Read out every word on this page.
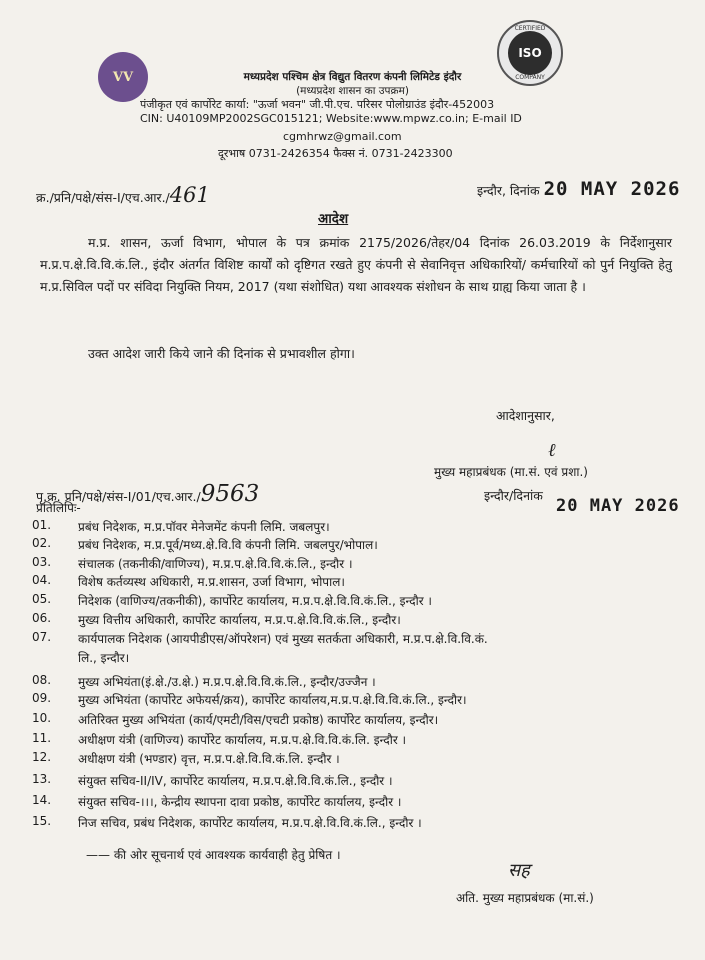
VV
CERTIFIED
ISO
COMPANY
मध्यप्रदेश पश्चिम क्षेत्र विद्युत वितरण कंपनी लिमिटेड इंदौर
(मध्यप्रदेश शासन का उपक्रम)
पंजीकृत एवं कार्पोरेट कार्या: "ऊर्जा भवन" जी.पी.एच. परिसर पोलोग्राउंड इंदौर-452003
CIN: U40109MP2002SGC015121; Website:www.mpwz.co.in; E-mail ID
cgmhrwz@gmail.com
दूरभाष 0731-2426354 फैक्स नं. 0731-2423300
क्र./प्रनि/पक्षे/संस-I/एच.आर./461	इन्दौर, दिनांक 20 MAY 2026
आदेश
म.प्र. शासन, ऊर्जा विभाग, भोपाल के पत्र क्रमांक 2175/2026/तेहर/04 दिनांक 26.03.2019 के निर्देशानुसार म.प्र.प.क्षे.वि.वि.कं.लि., इंदौर अंतर्गत विशिष्ट कार्यों को दृष्टिगत रखते हुए कंपनी से सेवानिवृत्त अधिकारियों/ कर्मचारियों को पुर्न नियुक्ति हेतु म.प्र.सिविल पदों पर संविदा नियुक्ति नियम, 2017 (यथा संशोधित) यथा आवश्यक संशोधन के साथ ग्राह्य किया जाता है ।
उक्त आदेश जारी किये जाने की दिनांक से प्रभावशील होगा।
आदेशानुसार,
ℓ
मुख्य महाप्रबंधक (मा.सं. एवं प्रशा.)
पृ.क्र. प्रनि/पक्षे/संस-I/01/एच.आर./9563	इन्दौर/दिनांक
20 MAY 2026
प्रतिलिपिः-
01. प्रबंध निदेशक, म.प्र.पॉवर मेनेजमेंट कंपनी लिमि. जबलपुर।
02. प्रबंध निदेशक, म.प्र.पूर्व/मध्य.क्षे.वि.वि कंपनी लिमि. जबलपुर/भोपाल।
03. संचालक (तकनीकी/वाणिज्य), म.प्र.प.क्षे.वि.वि.कं.लि., इन्दौर ।
04. विशेष कर्तव्यस्थ अधिकारी, म.प्र.शासन, उर्जा विभाग, भोपाल।
05. निदेशक (वाणिज्य/तकनीकी), कार्पोरेट कार्यालय, म.प्र.प.क्षे.वि.वि.कं.लि., इन्दौर ।
06. मुख्य वित्तीय अधिकारी, कार्पोरेट कार्यालय, म.प्र.प.क्षे.वि.वि.कं.लि., इन्दौर।
07. कार्यपालक निदेशक (आयपीडीएस/ऑपरेशन) एवं मुख्य सतर्कता अधिकारी, म.प्र.प.क्षे.वि.वि.कं.
लि., इन्दौर।
08. मुख्य अभियंता(इं.क्षे./उ.क्षे.) म.प्र.प.क्षे.वि.वि.कं.लि., इन्दौर/उज्जैन ।
09. मुख्य अभियंता (कार्पोरेट अफेयर्स/क्रय), कार्पोरेट कार्यालय,म.प्र.प.क्षे.वि.वि.कं.लि., इन्दौर।
10. अतिरिक्त मुख्य अभियंता (कार्य/एमटी/विस/एचटी प्रकोष्ठ) कार्पोरेट कार्यालय, इन्दौर।
11. अधीक्षण यंत्री (वाणिज्य) कार्पोरेट कार्यालय, म.प्र.प.क्षे.वि.वि.कं.लि. इन्दौर ।
12. अधीक्षण यंत्री (भण्डार) वृत्त, म.प्र.प.क्षे.वि.वि.कं.लि. इन्दौर ।
13. संयुक्त सचिव-II/IV, कार्पोरेट कार्यालय, म.प्र.प.क्षे.वि.वि.कं.लि., इन्दौर ।
14. संयुक्त सचिव-।।।, केन्द्रीय स्थापना दावा प्रकोष्ठ, कार्पोरेट कार्यालय, इन्दौर ।
15. निज सचिव, प्रबंध निदेशक, कार्पोरेट कार्यालय, म.प्र.प.क्षे.वि.वि.कं.लि., इन्दौर ।
—— की ओर सूचनार्थ एवं आवश्यक कार्यवाही हेतु प्रेषित ।
सह
अति. मुख्य महाप्रबंधक (मा.सं.)
